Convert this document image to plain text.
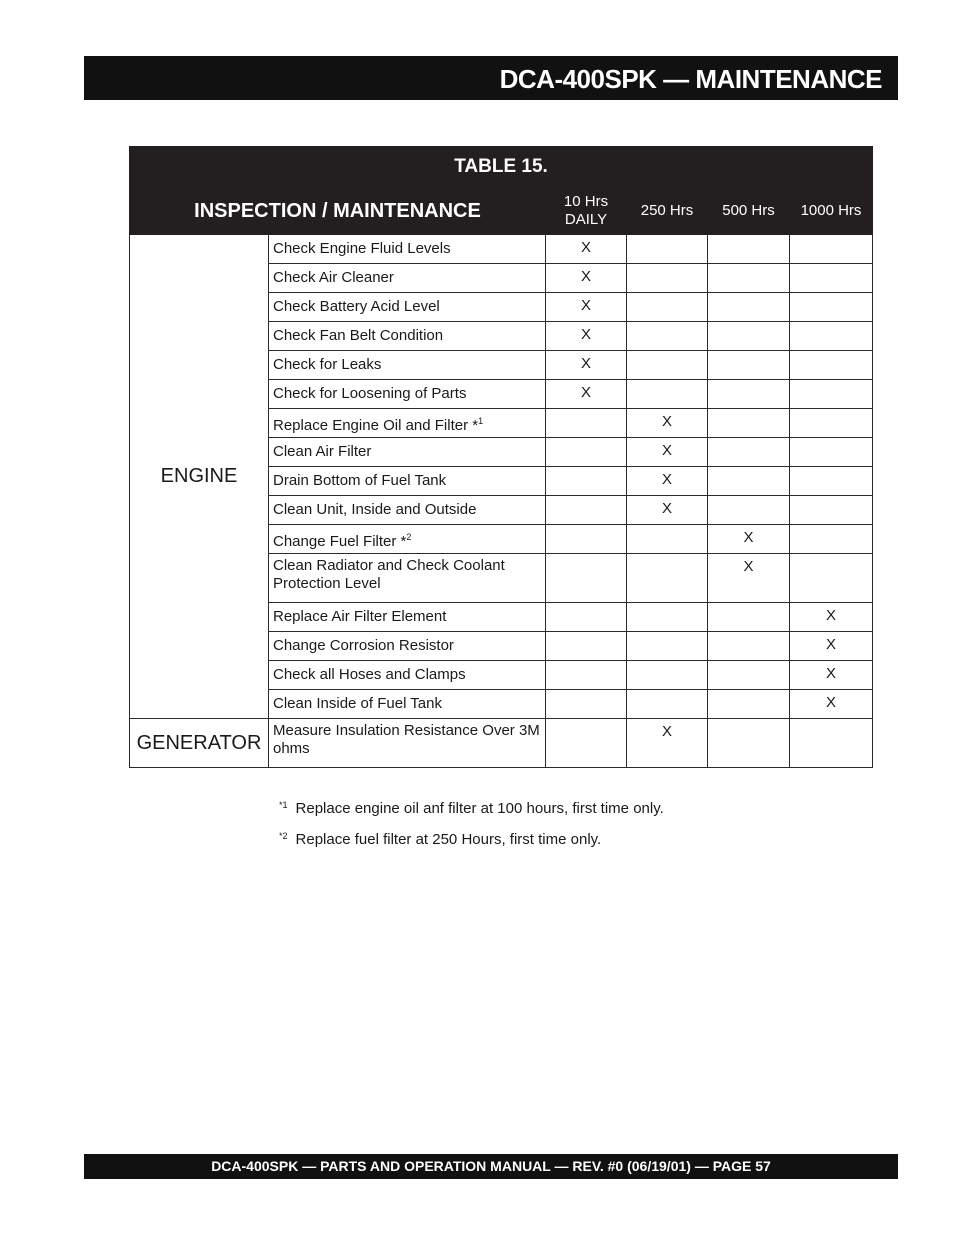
DCA-400SPK — MAINTENANCE
TABLE 15.					
INSPECTION / MAINTENANCE		10 Hrs
DAILY	250 Hrs	500 Hrs	1000 Hrs
ENGINE	Check Engine Fluid Levels	X			
	Check Air Cleaner	X			
	Check Battery Acid Level	X			
	Check Fan Belt Condition	X			
	Check for Leaks	X			
	Check for Loosening of Parts	X			
	Replace Engine Oil and Filter *$^1$		X		
	Clean Air Filter		X		
	Drain Bottom of Fuel Tank		X		
	Clean Unit, Inside and Outside		X		
	Change Fuel Filter *$^2$			X	
	Clean Radiator and Check Coolant Protection Level			X	
	Replace Air Filter Element				X
	Change Corrosion Resistor				X
	Check all Hoses and Clamps				X
	Clean Inside of Fuel Tank				X
GENERATOR	Measure Insulation Resistance Over 3M ohms		X		
$^{*1}$ Replace engine oil anf filter at 100 hours, first time only.
$^{*2}$ Replace fuel filter at 250 Hours, first time only.
DCA-400SPK — PARTS AND OPERATION MANUAL — REV. #0 (06/19/01) — PAGE 57
